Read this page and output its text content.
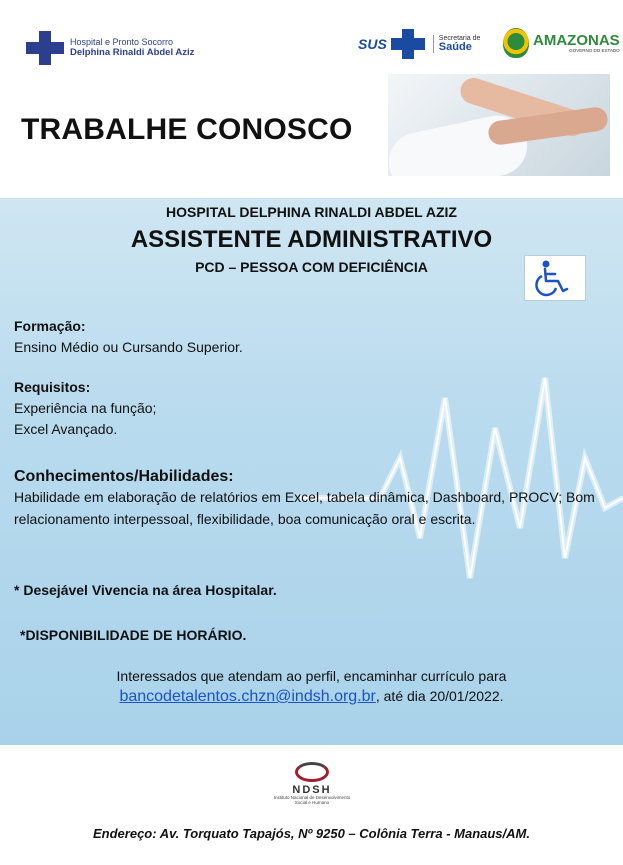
Hospital e Pronto Socorro
Delphina Rinaldi Abdel Aziz
SUS	Secretaria de
Saúde	AMAZONAS
GOVERNO DO ESTADO
TRABALHE CONOSCO
HOSPITAL DELPHINA RINALDI ABDEL AZIZ
ASSISTENTE ADMINISTRATIVO
PCD – PESSOA COM DEFICIÊNCIA
Formação:
Ensino Médio ou Cursando Superior.
Requisitos:
Experiência na função;
Excel Avançado.
Conhecimentos/Habilidades:
Habilidade em elaboração de relatórios em Excel, tabela dinâmica, Dashboard, PROCV; Bom relacionamento interpessoal, flexibilidade, boa comunicação oral e escrita.
* Desejável Vivencia na área Hospitalar.
*DISPONIBILIDADE DE HORÁRIO.
Interessados que atendam ao perfil, encaminhar currículo para
bancodetalentos.chzn@indsh.org.br, até dia 20/01/2022.
NDSH
Instituto Nacional de Desenvolvimento Social e Humano
Endereço: Av. Torquato Tapajós, Nº 9250 – Colônia Terra - Manaus/AM.
